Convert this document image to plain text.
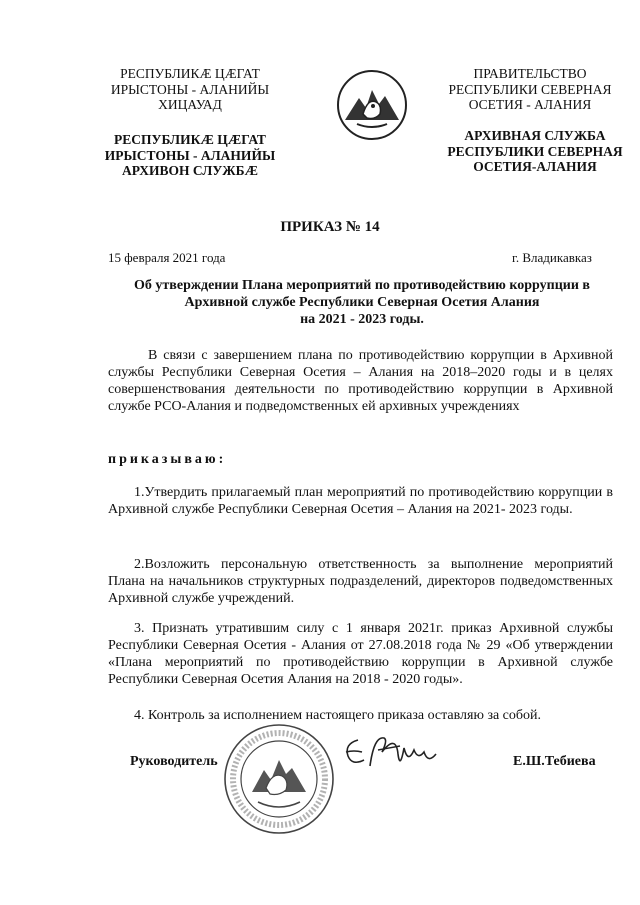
РЕСПУБЛИКÆ ЦÆГАТ
ИРЫСТОНЫ - АЛАНИЙЫ
ХИЦАУАД
РЕСПУБЛИКÆ ЦÆГАТ
ИРЫСТОНЫ - АЛАНИЙЫ
АРХИВОН СЛУЖБÆ
ПРАВИТЕЛЬСТВО
РЕСПУБЛИКИ СЕВЕРНАЯ
ОСЕТИЯ - АЛАНИЯ
АРХИВНАЯ СЛУЖБА
РЕСПУБЛИКИ СЕВЕРНАЯ
ОСЕТИЯ-АЛАНИЯ
ПРИКАЗ № 14
15 февраля 2021 года	г. Владикавказ
Об утверждении Плана мероприятий по противодействию коррупции в
Архивной службе Республики Северная Осетия Алания
на 2021 - 2023 годы.
В связи с завершением плана по противодействию коррупции в Архивной службы Республики Северная Осетия – Алания на 2018–2020 годы и в целях совершенствования деятельности по противодействию коррупции в Архивной службе РСО-Алания и подведомственных ей архивных учреждениях
приказываю:
1.Утвердить прилагаемый план мероприятий по противодействию коррупции в Архивной службе Республики Северная Осетия – Алания на 2021- 2023 годы.
2.Возложить персональную ответственность за выполнение мероприятий Плана на начальников структурных подразделений, директоров подведомственных Архивной службе учреждений.
3. Признать утратившим силу с 1 января 2021г. приказ Архивной службы Республики Северная Осетия - Алания от 27.08.2018 года № 29 «Об утверждении «Плана мероприятий по противодействию коррупции в Архивной службе Республики Северная Осетия Алания на 2018 - 2020 годы».
4. Контроль за исполнением настоящего приказа оставляю за собой.
Руководитель	Е.Ш.Тебиева
